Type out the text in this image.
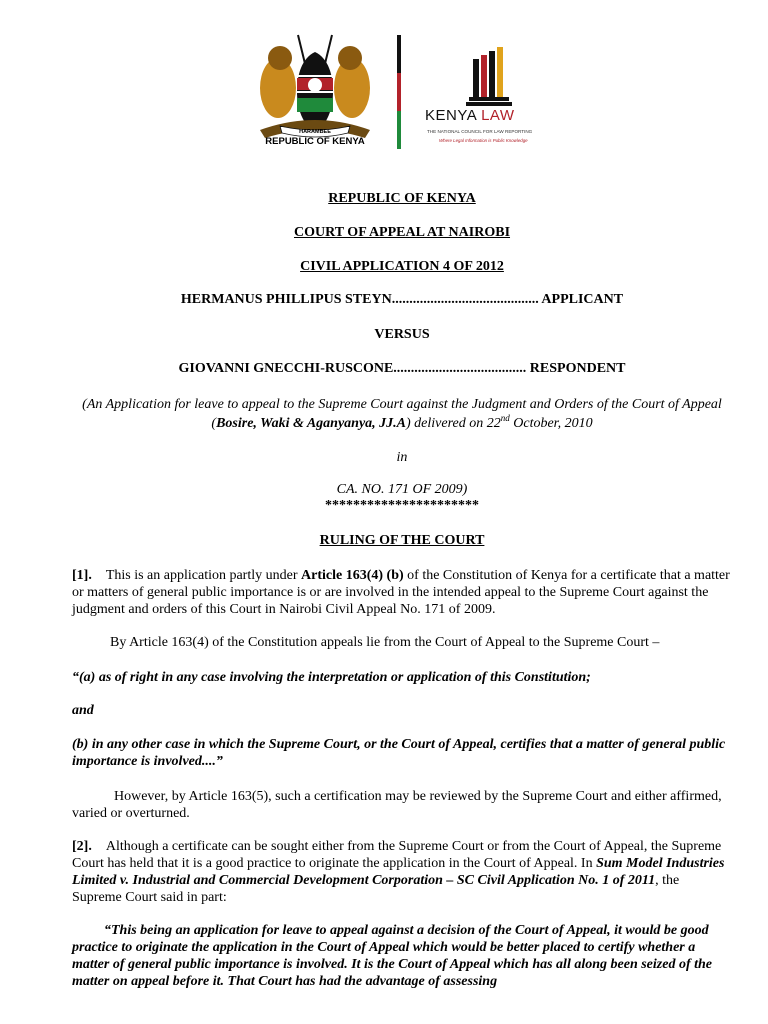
HARAMBEE
REPUBLIC OF KENYA
KENYA LAW
THE NATIONAL COUNCIL FOR LAW REPORTING
Where Legal Information is Public Knowledge
REPUBLIC OF KENYA
COURT OF APPEAL AT NAIROBI
CIVIL APPLICATION 4 OF 2012
HERMANUS PHILLIPUS STEYN.......................................... APPLICANT
VERSUS
GIOVANNI GNECCHI-RUSCONE...................................... RESPONDENT
(An Application for leave to appeal to the Supreme Court against the Judgment and Orders of the Court of Appeal (Bosire, Waki & Aganyanya, JJ.A) delivered on 22nd October, 2010
in
CA. NO. 171 OF 2009)
**********************
RULING OF THE COURT
[1]. This is an application partly under Article 163(4) (b) of the Constitution of Kenya for a certificate that a matter or matters of general public importance is or are involved in the intended appeal to the Supreme Court against the judgment and orders of this Court in Nairobi Civil Appeal No. 171 of 2009.
By Article 163(4) of the Constitution appeals lie from the Court of Appeal to the Supreme Court –
“(a) as of right in any case involving the interpretation or application of this Constitution;
and
(b) in any other case in which the Supreme Court, or the Court of Appeal, certifies that a matter of general public importance is involved....”
However, by Article 163(5), such a certification may be reviewed by the Supreme Court and either affirmed, varied or overturned.
[2]. Although a certificate can be sought either from the Supreme Court or from the Court of Appeal, the Supreme Court has held that it is a good practice to originate the application in the Court of Appeal. In Sum Model Industries Limited v. Industrial and Commercial Development Corporation – SC Civil Application No. 1 of 2011, the Supreme Court said in part:
“This being an application for leave to appeal against a decision of the Court of Appeal, it would be good practice to originate the application in the Court of Appeal which would be better placed to certify whether a matter of general public importance is involved. It is the Court of Appeal which has all along been seized of the matter on appeal before it. That Court has had the advantage of assessing
